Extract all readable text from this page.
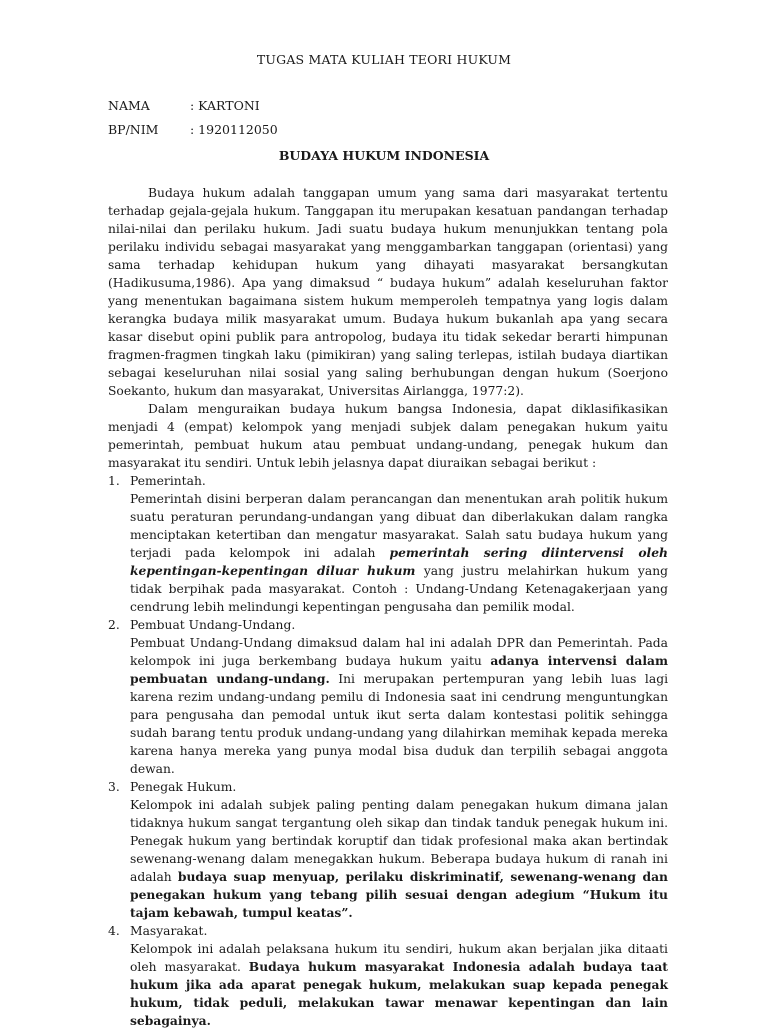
TUGAS MATA KULIAH TEORI HUKUM
NAMA	: KARTONI
BP/NIM	: 1920112050
BUDAYA HUKUM INDONESIA

Budaya hukum adalah tanggapan umum yang sama dari masyarakat tertentu terhadap gejala-gejala hukum. Tanggapan itu merupakan kesatuan pandangan terhadap nilai-nilai dan perilaku hukum. Jadi suatu budaya hukum menunjukkan tentang pola perilaku individu sebagai masyarakat yang menggambarkan tanggapan (orientasi) yang sama terhadap kehidupan hukum yang dihayati masyarakat bersangkutan (Hadikusuma,1986). Apa yang dimaksud “ budaya hukum” adalah keseluruhan faktor yang menentukan bagaimana sistem hukum memperoleh tempatnya yang logis dalam kerangka budaya milik masyarakat umum. Budaya hukum bukanlah apa yang secara kasar disebut opini publik para antropolog, budaya itu tidak sekedar berarti himpunan fragmen-fragmen tingkah laku (pimikiran) yang saling terlepas, istilah budaya diartikan sebagai keseluruhan nilai sosial yang saling berhubungan dengan hukum (Soerjono Soekanto, hukum dan masyarakat, Universitas Airlangga, 1977:2).

Dalam menguraikan budaya hukum bangsa Indonesia, dapat diklasifikasikan menjadi 4 (empat) kelompok yang menjadi subjek dalam penegakan hukum yaitu pemerintah, pembuat hukum atau pembuat undang-undang, penegak hukum dan masyarakat itu sendiri. Untuk lebih jelasnya dapat diuraikan sebagai berikut :

1. Pemerintah.
Pemerintah disini berperan dalam perancangan dan menentukan arah politik hukum suatu peraturan perundang-undangan yang dibuat dan diberlakukan dalam rangka menciptakan ketertiban dan mengatur masyarakat. Salah satu budaya hukum yang terjadi pada kelompok ini adalah pemerintah sering diintervensi oleh kepentingan-kepentingan diluar hukum yang justru melahirkan hukum yang tidak berpihak pada masyarakat. Contoh : Undang-Undang Ketenagakerjaan yang cendrung lebih melindungi kepentingan pengusaha dan pemilik modal.
2. Pembuat Undang-Undang.
Pembuat Undang-Undang dimaksud dalam hal ini adalah DPR dan Pemerintah. Pada kelompok ini juga berkembang budaya hukum yaitu adanya intervensi dalam pembuatan undang-undang. Ini merupakan pertempuran yang lebih luas lagi karena rezim undang-undang pemilu di Indonesia saat ini cendrung menguntungkan para pengusaha dan pemodal untuk ikut serta dalam kontestasi politik sehingga sudah barang tentu produk undang-undang yang dilahirkan memihak kepada mereka karena hanya mereka yang punya modal bisa duduk dan terpilih sebagai anggota dewan.
3. Penegak Hukum.
Kelompok ini adalah subjek paling penting dalam penegakan hukum dimana jalan tidaknya hukum sangat tergantung oleh sikap dan tindak tanduk penegak hukum ini. Penegak hukum yang bertindak koruptif dan tidak profesional maka akan bertindak sewenang-wenang dalam menegakkan hukum. Beberapa budaya hukum di ranah ini adalah budaya suap menyuap, perilaku diskriminatif, sewenang-wenang dan penegakan hukum yang tebang pilih sesuai dengan adegium “Hukum itu tajam kebawah, tumpul keatas”.
4. Masyarakat.
Kelompok ini adalah pelaksana hukum itu sendiri, hukum akan berjalan jika ditaati oleh masyarakat. Budaya hukum masyarakat Indonesia adalah budaya taat hukum jika ada aparat penegak hukum, melakukan suap kepada penegak hukum, tidak peduli, melakukan tawar menawar kepentingan dan lain sebagainya.
